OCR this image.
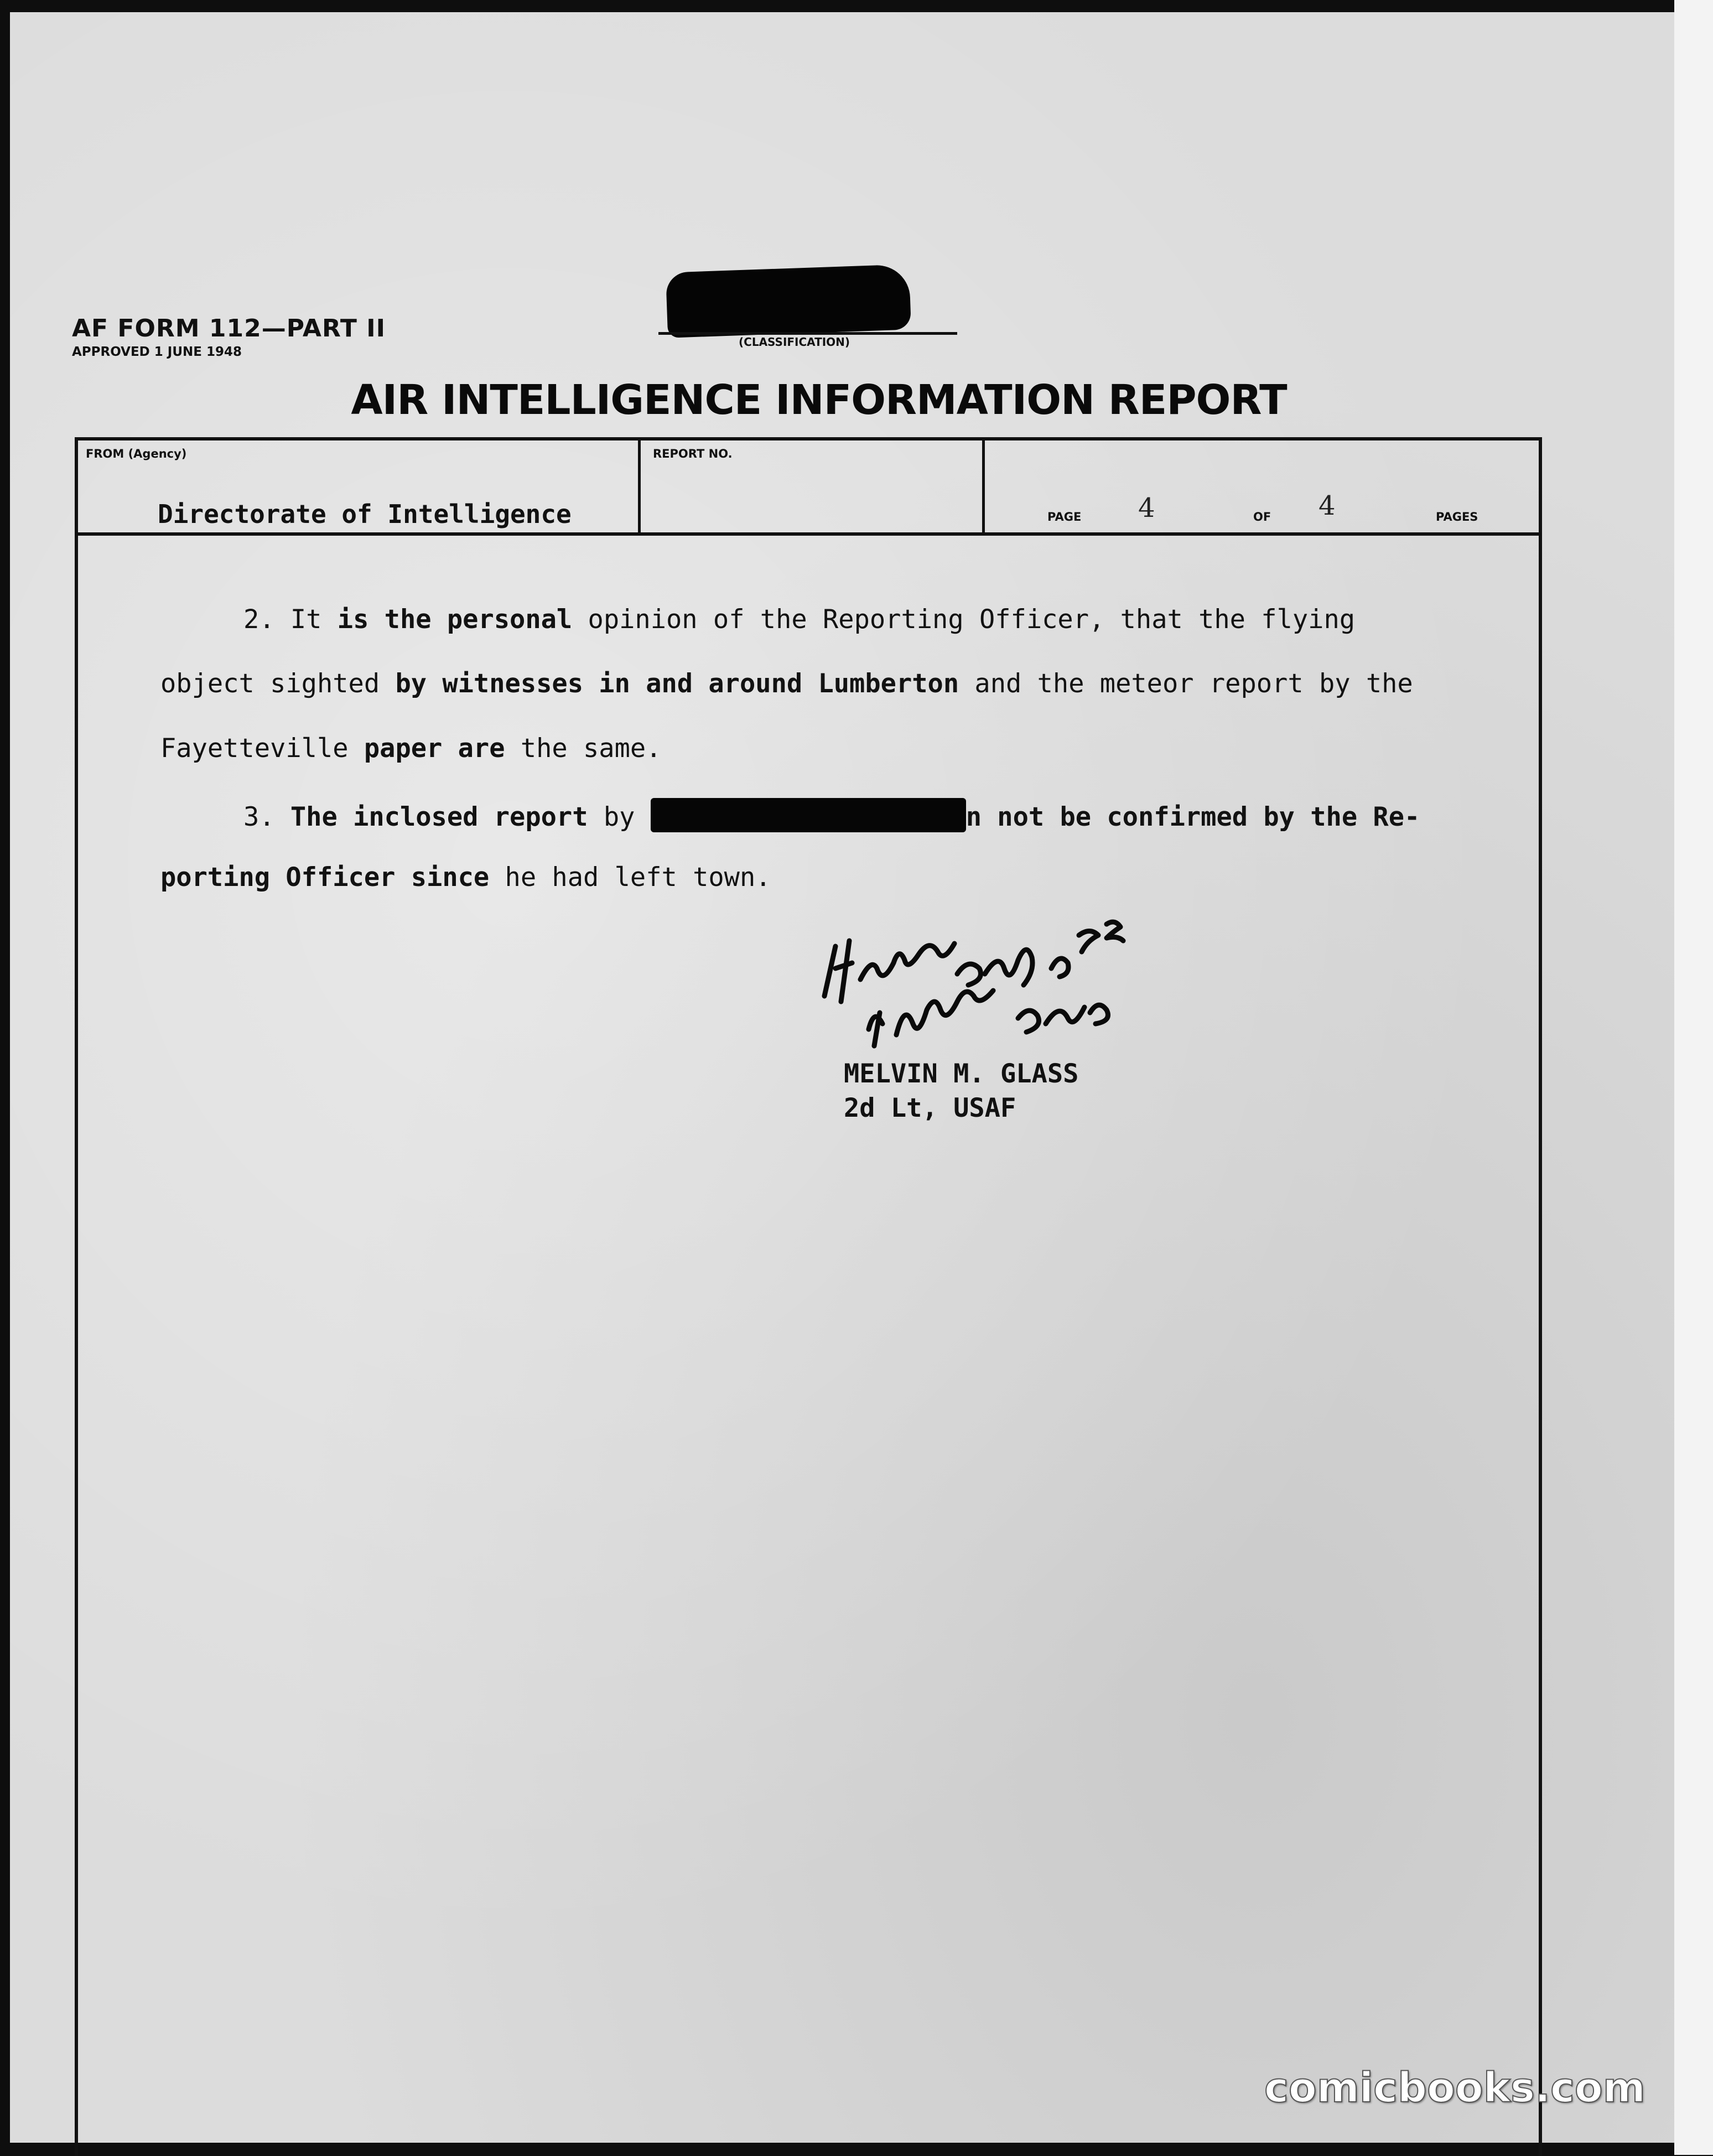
AF FORM 112—PART II
APPROVED 1 JUNE 1948
(CLASSIFICATION)
AIR INTELLIGENCE INFORMATION REPORT
FROM (Agency)
Directorate of Intelligence
REPORT NO.
PAGE 4	OF 4	PAGES
2. It is the personal opinion of the Reporting Officer, that the flying
object sighted by witnesses in and around Lumberton and the meteor report by the
Fayetteville paper are the same.
3. The inclosed report by	n not be confirmed by the Re-
porting Officer since he had left town.
MELVIN M. GLASS
2d Lt, USAF
comicbooks.com
